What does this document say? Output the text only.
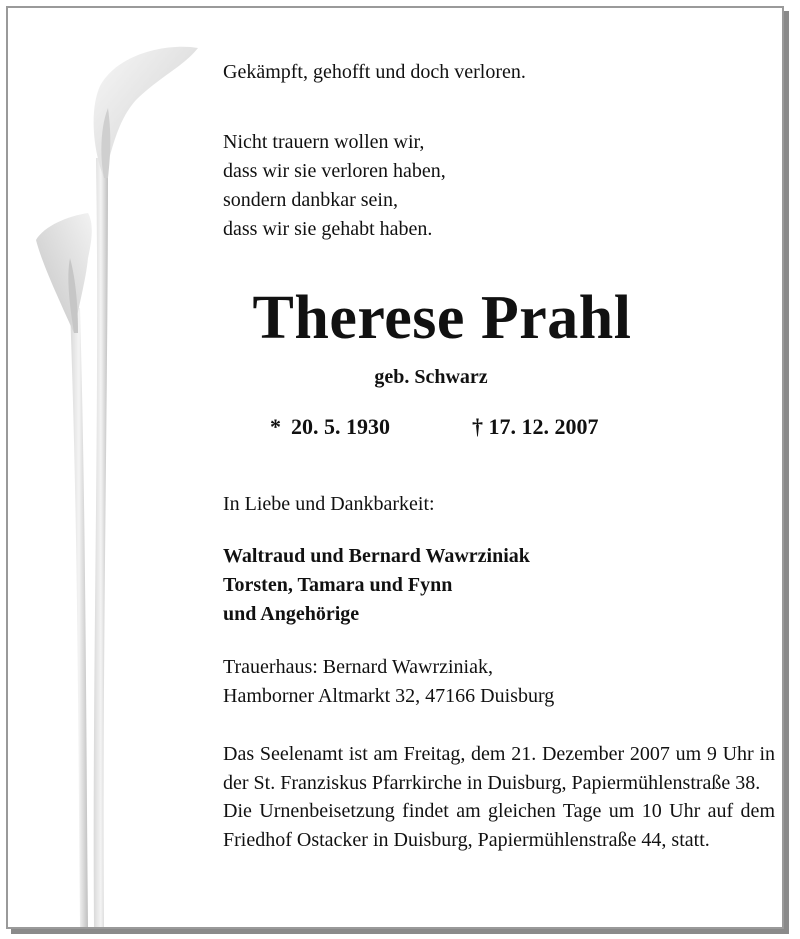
Gekämpft, gehofft und doch verloren.

Nicht trauern wollen wir,
dass wir sie verloren haben,
sondern danbkar sein,
dass wir sie gehabt haben.
Therese Prahl

geb. Schwarz

* 20. 5. 1930	† 17. 12. 2007

In Liebe und Dankbarkeit:

Waltraud und Bernard Wawrziniak
Torsten, Tamara und Fynn
und Angehörige
Trauerhaus: Bernard Wawrziniak,
Hamborner Altmarkt 32, 47166 Duisburg

Das Seelenamt ist am Freitag, dem 21. Dezember 2007 um 9 Uhr in der St. Franziskus Pfarrkirche in Duisburg, Papiermühlenstraße 38.

Die Urnenbeisetzung findet am gleichen Tage um 10 Uhr auf dem Friedhof Ostacker in Duisburg, Papiermühlenstraße 44, statt.
